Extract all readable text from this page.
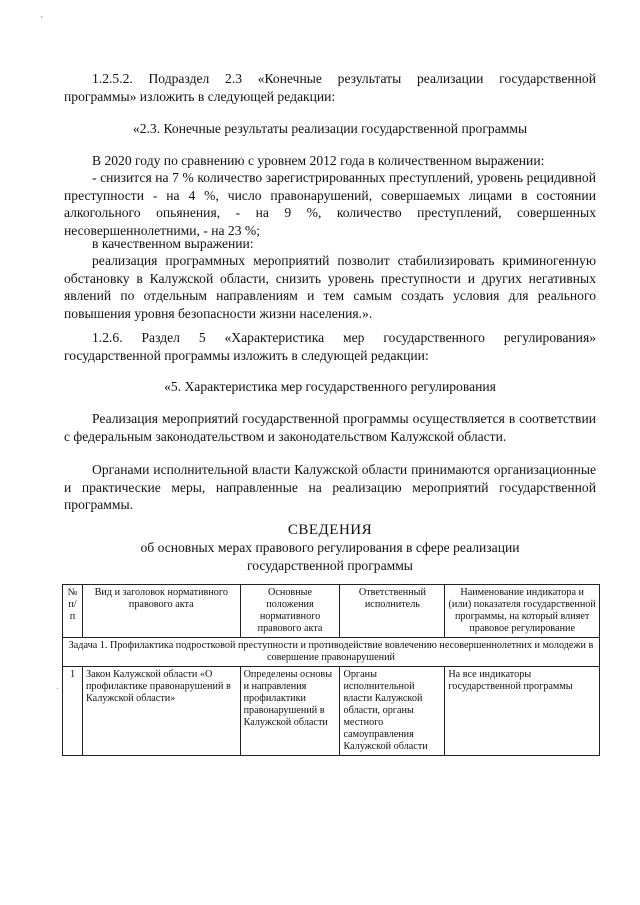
¸
·

1.2.5.2. Подраздел 2.3 «Конечные результаты реализации государственной программы» изложить в следующей редакции:

«2.3. Конечные результаты реализации государственной программы

В 2020 году по сравнению с уровнем 2012 года в количественном выражении:

- снизится на 7 % количество зарегистрированных преступлений, уровень рецидивной преступности - на 4 %, число правонарушений, совершаемых лицами в состоянии алкогольного опьянения, - на 9 %, количество преступлений, совершенных несовершеннолетними, - на 23 %;

в качественном выражении:

реализация программных мероприятий позволит стабилизировать криминогенную обстановку в Калужской области, снизить уровень преступности и других негативных явлений по отдельным направлениям и тем самым создать условия для реального повышения уровня безопасности жизни населения.».

1.2.6. Раздел 5 «Характеристика мер государственного регулирования» государственной программы изложить в следующей редакции:

«5. Характеристика мер государственного регулирования

Реализация мероприятий государственной программы осуществляется в соответствии с федеральным законодательством и законодательством Калужской области.

Органами исполнительной власти Калужской области принимаются организационные и практические меры, направленные на реализацию мероприятий государственной программы.

СВЕДЕНИЯ

об основных мерах правового регулирования в сфере реализации государственной программы

№ п/п	Вид и заголовок нормативного правового акта	Основные положения нормативного правового акта	Ответственный исполнитель	Наименование индикатора и (или) показателя государственной программы, на который влияет правовое регулирование
Задача 1. Профилактика подростковой преступности и противодействие вовлечению несовершеннолетних и молодежи в совершение правонарушений				
1	Закон Калужской области «О профилактике правонарушений в Калужской области»	Определены основы и направления профилактики правонарушений в Калужской области	Органы исполнительной власти Калужской области, органы местного самоуправления Калужской области	На все индикаторы государственной программы
